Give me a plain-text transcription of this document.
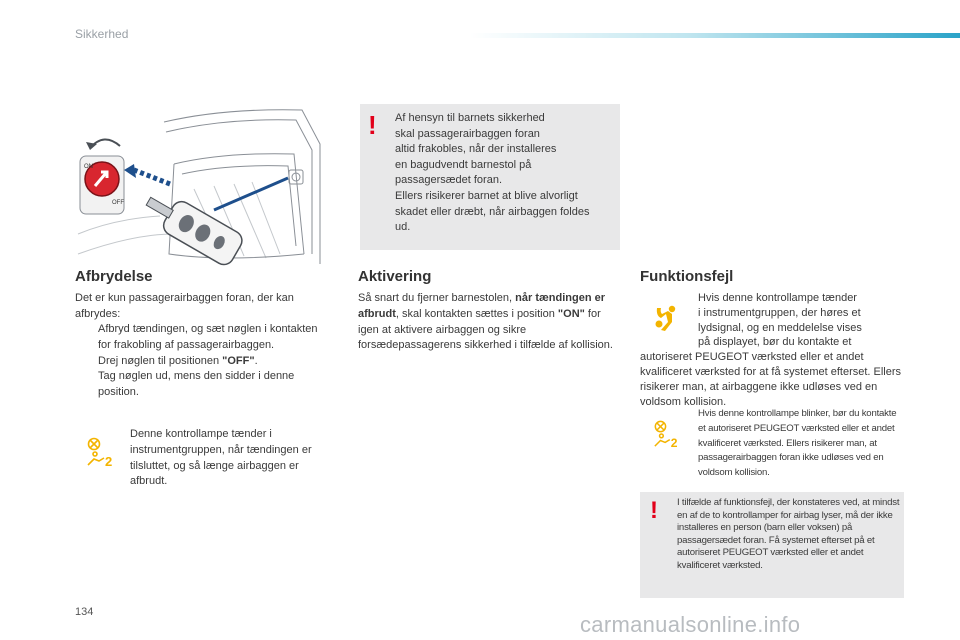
Sikkerhed
ON
OFF
! Af hensyn til barnets sikkerhed
skal passagerairbaggen foran
altid frakobles, når der installeres
en bagudvendt barnestol på
passagersædet foran.
Ellers risikerer barnet at blive alvorligt
skadet eller dræbt, når airbaggen foldes
ud.
Afbrydelse

Det er kun passagerairbaggen foran, der kan afbrydes:

Afbryd tændingen, og sæt nøglen i kontakten for frakobling af passagerairbaggen.
Drej nøglen til positionen "OFF".
Tag nøglen ud, mens den sidder i denne position.
2

Denne kontrollampe tænder i instrumentgruppen, når tændingen er tilsluttet, og så længe airbaggen er afbrudt.

Aktivering

Så snart du fjerner barnestolen, når tændingen er afbrudt, skal kontakten sættes i position "ON" for igen at aktivere airbaggen og sikre forsædepassagerens sikkerhed i tilfælde af kollision.

Funktionsfejl

Hvis denne kontrollampe tænder
i instrumentgruppen, der høres et
lydsignal, og en meddelelse vises
på displayet, bør du kontakte et
autoriseret PEUGEOT værksted eller et andet kvalificeret værksted for at få systemet efterset. Ellers risikerer man, at airbaggene ikke udløses ved en voldsom kollision.

2

Hvis denne kontrollampe blinker, bør du kontakte et autoriseret PEUGEOT værksted eller et andet kvalificeret værksted. Ellers risikerer man, at passagerairbaggen foran ikke udløses ved en voldsom kollision.

! I tilfælde af funktionsfejl, der konstateres ved, at mindst en af de to kontrollamper for airbag lyser, må der ikke installeres en person (barn eller voksen) på passagersædet foran. Få systemet efterset på et autoriseret PEUGEOT værksted eller et andet kvalificeret værksted.
134	carmanualsonline.info
